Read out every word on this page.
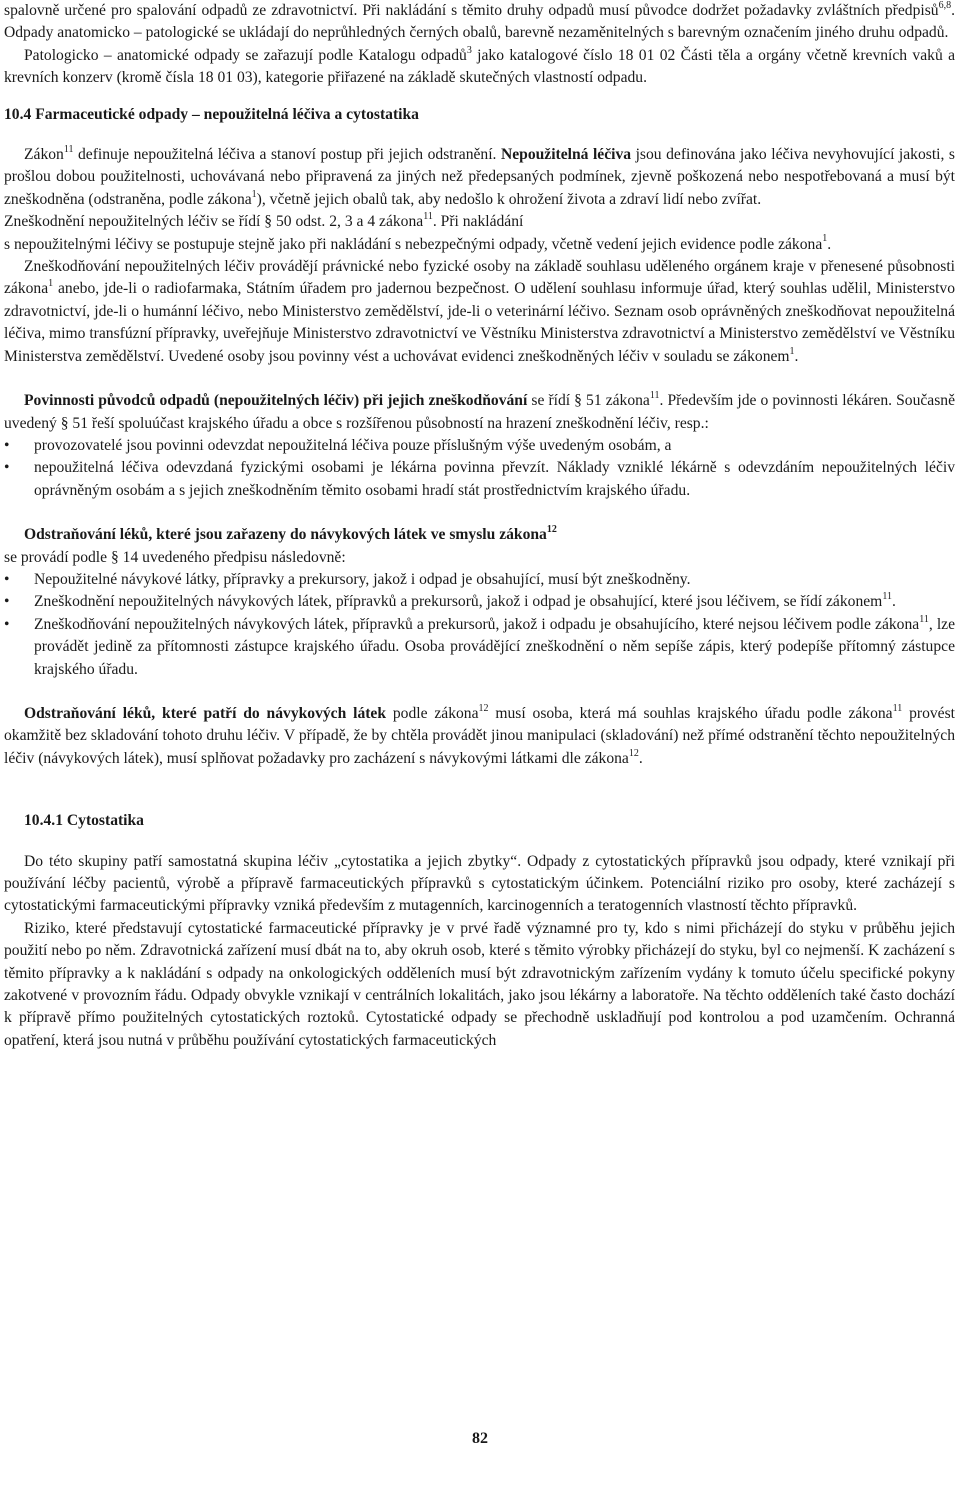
spalovně určené pro spalování odpadů ze zdravotnictví. Při nakládání s těmito druhy odpadů musí původce dodržet požadavky zvláštních předpisů$^{6,8}$. Odpady anatomicko – patologické se ukládají do neprůhledných černých obalů, barevně nezaměnitelných s barevným označením jiného druhu odpadů.

Patologicko – anatomické odpady se zařazují podle Katalogu odpadů$^3$ jako katalogové číslo 18 01 02 Části těla a orgány včetně krevních vaků a krevních konzerv (kromě čísla 18 01 03), kategorie přiřazené na základě skutečných vlastností odpadu.

10.4 Farmaceutické odpady – nepoužitelná léčiva a cytostatika

Zákon$^{11}$ definuje nepoužitelná léčiva a stanoví postup při jejich odstranění. Nepoužitelná léčiva jsou definována jako léčiva nevyhovující jakosti, s prošlou dobou použitelnosti, uchovávaná nebo připravená za jiných než předepsaných podmínek, zjevně poškozená nebo nespotřebovaná a musí být zneškodněna (odstraněna, podle zákona$^1$), včetně jejich obalů tak, aby nedošlo k ohrožení života a zdraví lidí nebo zvířat.

Zneškodnění nepoužitelných léčiv se řídí § 50 odst. 2, 3 a 4 zákona$^{11}$. Při nakládání

s nepoužitelnými léčivy se postupuje stejně jako při nakládání s nebezpečnými odpady, včetně vedení jejich evidence podle zákona$^1$.

Zneškodňování nepoužitelných léčiv provádějí právnické nebo fyzické osoby na základě souhlasu uděleného orgánem kraje v přenesené působnosti zákona$^1$ anebo, jde-li o radiofarmaka, Státním úřadem pro jadernou bezpečnost. O udělení souhlasu informuje úřad, který souhlas udělil, Ministerstvo zdravotnictví, jde-li o humánní léčivo, nebo Ministerstvo zemědělství, jde-li o veterinární léčivo. Seznam osob oprávněných zneškodňovat nepoužitelná léčiva, mimo transfúzní přípravky, uveřejňuje Ministerstvo zdravotnictví ve Věstníku Ministerstva zdravotnictví a Ministerstvo zemědělství ve Věstníku Ministerstva zemědělství. Uvedené osoby jsou povinny vést a uchovávat evidenci zneškodněných léčiv v souladu se zákonem$^1$.

Povinnosti původců odpadů (nepoužitelných léčiv) při jejich zneškodňování se řídí § 51 zákona$^{11}$. Především jde o povinnosti lékáren. Současně uvedený § 51 řeší spoluúčast krajského úřadu a obce s rozšířenou působností na hrazení zneškodnění léčiv, resp.:

• provozovatelé jsou povinni odevzdat nepoužitelná léčiva pouze příslušným výše uvedeným osobám, a
• nepoužitelná léčiva odevzdaná fyzickými osobami je lékárna povinna převzít. Náklady vzniklé lékárně s odevzdáním nepoužitelných léčiv oprávněným osobám a s jejich zneškodněním těmito osobami hradí stát prostřednictvím krajského úřadu.

Odstraňování léků, které jsou zařazeny do návykových látek ve smyslu zákona$^{12}$

se provádí podle § 14 uvedeného předpisu následovně:

• Nepoužitelné návykové látky, přípravky a prekursory, jakož i odpad je obsahující, musí být zneškodněny.
• Zneškodnění nepoužitelných návykových látek, přípravků a prekursorů, jakož i odpad je obsahující, které jsou léčivem, se řídí zákonem$^{11}$.
• Zneškodňování nepoužitelných návykových látek, přípravků a prekursorů, jakož i odpadu je obsahujícího, které nejsou léčivem podle zákona$^{11}$, lze provádět jedině za přítomnosti zástupce krajského úřadu. Osoba provádějící zneškodnění o něm sepíše zápis, který podepíše přítomný zástupce krajského úřadu.

Odstraňování léků, které patří do návykových látek podle zákona$^{12}$ musí osoba, která má souhlas krajského úřadu podle zákona$^{11}$ provést okamžitě bez skladování tohoto druhu léčiv. V případě, že by chtěla provádět jinou manipulaci (skladování) než přímé odstranění těchto nepoužitelných léčiv (návykových látek), musí splňovat požadavky pro zacházení s návykovými látkami dle zákona$^{12}$.

10.4.1 Cytostatika

Do této skupiny patří samostatná skupina léčiv „cytostatika a jejich zbytky“. Odpady z cytostatických přípravků jsou odpady, které vznikají při používání léčby pacientů, výrobě a přípravě farmaceutických přípravků s cytostatickým účinkem. Potenciální riziko pro osoby, které zacházejí s cytostatickými farmaceutickými přípravky vzniká především z mutagenních, karcinogenních a teratogenních vlastností těchto přípravků.

Riziko, které představují cytostatické farmaceutické přípravky je v prvé řadě významné pro ty, kdo s nimi přicházejí do styku v průběhu jejich použití nebo po něm. Zdravotnická zařízení musí dbát na to, aby okruh osob, které s těmito výrobky přicházejí do styku, byl co nejmenší. K zacházení s těmito přípravky a k nakládání s odpady na onkologických odděleních musí být zdravotnickým zařízením vydány k tomuto účelu specifické pokyny zakotvené v provozním řádu. Odpady obvykle vznikají v centrálních lokalitách, jako jsou lékárny a laboratoře. Na těchto odděleních také často dochází k přípravě přímo použitelných cytostatických roztoků. Cytostatické odpady se přechodně uskladňují pod kontrolou a pod uzamčením. Ochranná opatření, která jsou nutná v průběhu používání cytostatických farmaceutických

82
